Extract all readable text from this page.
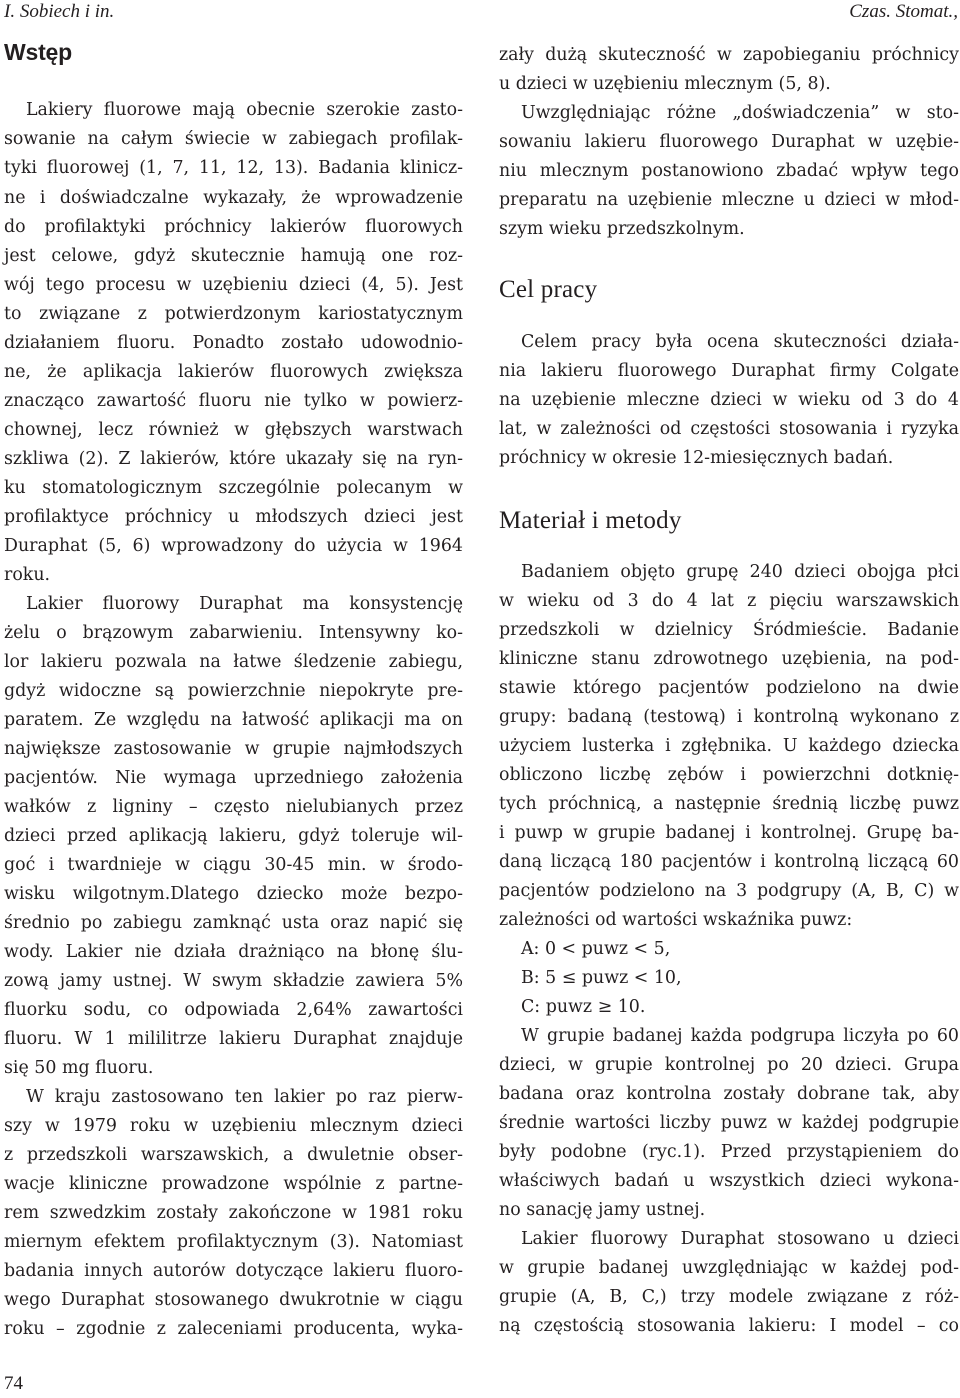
I. Sobiech i in.	Czas. Stomat.,
Wstęp
Lakiery fluorowe mają obecnie szerokie zasto-
sowanie na całym świecie w zabiegach profilak-
tyki fluorowej (1, 7, 11, 12, 13). Badania klinicz-
ne i doświadczalne wykazały, że wprowadzenie
do profilaktyki próchnicy lakierów fluorowych
jest celowe, gdyż skutecznie hamują one roz-
wój tego procesu w uzębieniu dzieci (4, 5). Jest
to związane z potwierdzonym kariostatycznym
działaniem fluoru. Ponadto zostało udowodnio-
ne, że aplikacja lakierów fluorowych zwiększa
znacząco zawartość fluoru nie tylko w powierz-
chownej, lecz również w głębszych warstwach
szkliwa (2). Z lakierów, które ukazały się na ryn-
ku stomatologicznym szczególnie polecanym w
profilaktyce próchnicy u młodszych dzieci jest
Duraphat (5, 6) wprowadzony do użycia w 1964
roku.
Lakier fluorowy Duraphat ma konsystencję
żelu o brązowym zabarwieniu. Intensywny ko-
lor lakieru pozwala na łatwe śledzenie zabiegu,
gdyż widoczne są powierzchnie niepokryte pre-
paratem. Ze względu na łatwość aplikacji ma on
największe zastosowanie w grupie najmłodszych
pacjentów. Nie wymaga uprzedniego założenia
wałków z ligniny – często nielubianych przez
dzieci przed aplikacją lakieru, gdyż toleruje wil-
goć i twardnieje w ciągu 30-45 min. w środo-
wisku wilgotnym.Dlatego dziecko może bezpo-
średnio po zabiegu zamknąć usta oraz napić się
wody. Lakier nie działa drażniąco na błonę ślu-
zową jamy ustnej. W swym składzie zawiera 5%
fluorku sodu, co odpowiada 2,64% zawartości
fluoru. W 1 mililitrze lakieru Duraphat znajduje
się 50 mg fluoru.
W kraju zastosowano ten lakier po raz pierw-
szy w 1979 roku w uzębieniu mlecznym dzieci
z przedszkoli warszawskich, a dwuletnie obser-
wacje kliniczne prowadzone wspólnie z partne-
rem szwedzkim zostały zakończone w 1981 roku
miernym efektem profilaktycznym (3). Natomiast
badania innych autorów dotyczące lakieru fluoro-
wego Duraphat stosowanego dwukrotnie w ciągu
roku – zgodnie z zaleceniami producenta, wyka-
zały dużą skuteczność w zapobieganiu próchnicy
u dzieci w uzębieniu mlecznym (5, 8).
Uwzględniając różne „doświadczenia” w sto-
sowaniu lakieru fluorowego Duraphat w uzębie-
niu mlecznym postanowiono zbadać wpływ tego
preparatu na uzębienie mleczne u dzieci w młod-
szym wieku przedszkolnym.
Cel pracy
Celem pracy była ocena skuteczności działa-
nia lakieru fluorowego Duraphat firmy Colgate
na uzębienie mleczne dzieci w wieku od 3 do 4
lat, w zależności od częstości stosowania i ryzyka
próchnicy w okresie 12-miesięcznych badań.
Materiał i metody
Badaniem objęto grupę 240 dzieci obojga płci
w wieku od 3 do 4 lat z pięciu warszawskich
przedszkoli w dzielnicy Śródmieście. Badanie
kliniczne stanu zdrowotnego uzębienia, na pod-
stawie którego pacjentów podzielono na dwie
grupy: badaną (testową) i kontrolną wykonano z
użyciem lusterka i zgłębnika. U każdego dziecka
obliczono liczbę zębów i powierzchni dotknię-
tych próchnicą, a następnie średnią liczbę puwz
i puwp w grupie badanej i kontrolnej. Grupę ba-
daną liczącą 180 pacjentów i kontrolną liczącą 60
pacjentów podzielono na 3 podgrupy (A, B, C) w
zależności od wartości wskaźnika puwz:
A: 0 < puwz < 5,
B: 5 ≤ puwz < 10,
C: puwz ≥ 10.
W grupie badanej każda podgrupa liczyła po 60
dzieci, w grupie kontrolnej po 20 dzieci. Grupa
badana oraz kontrolna zostały dobrane tak, aby
średnie wartości liczby puwz w każdej podgrupie
były podobne (ryc.1). Przed przystąpieniem do
właściwych badań u wszystkich dzieci wykona-
no sanację jamy ustnej.
Lakier fluorowy Duraphat stosowano u dzieci
w grupie badanej uwzględniając w każdej pod-
grupie (A, B, C,) trzy modele związane z róż-
ną częstością stosowania lakieru: I model – co
74
